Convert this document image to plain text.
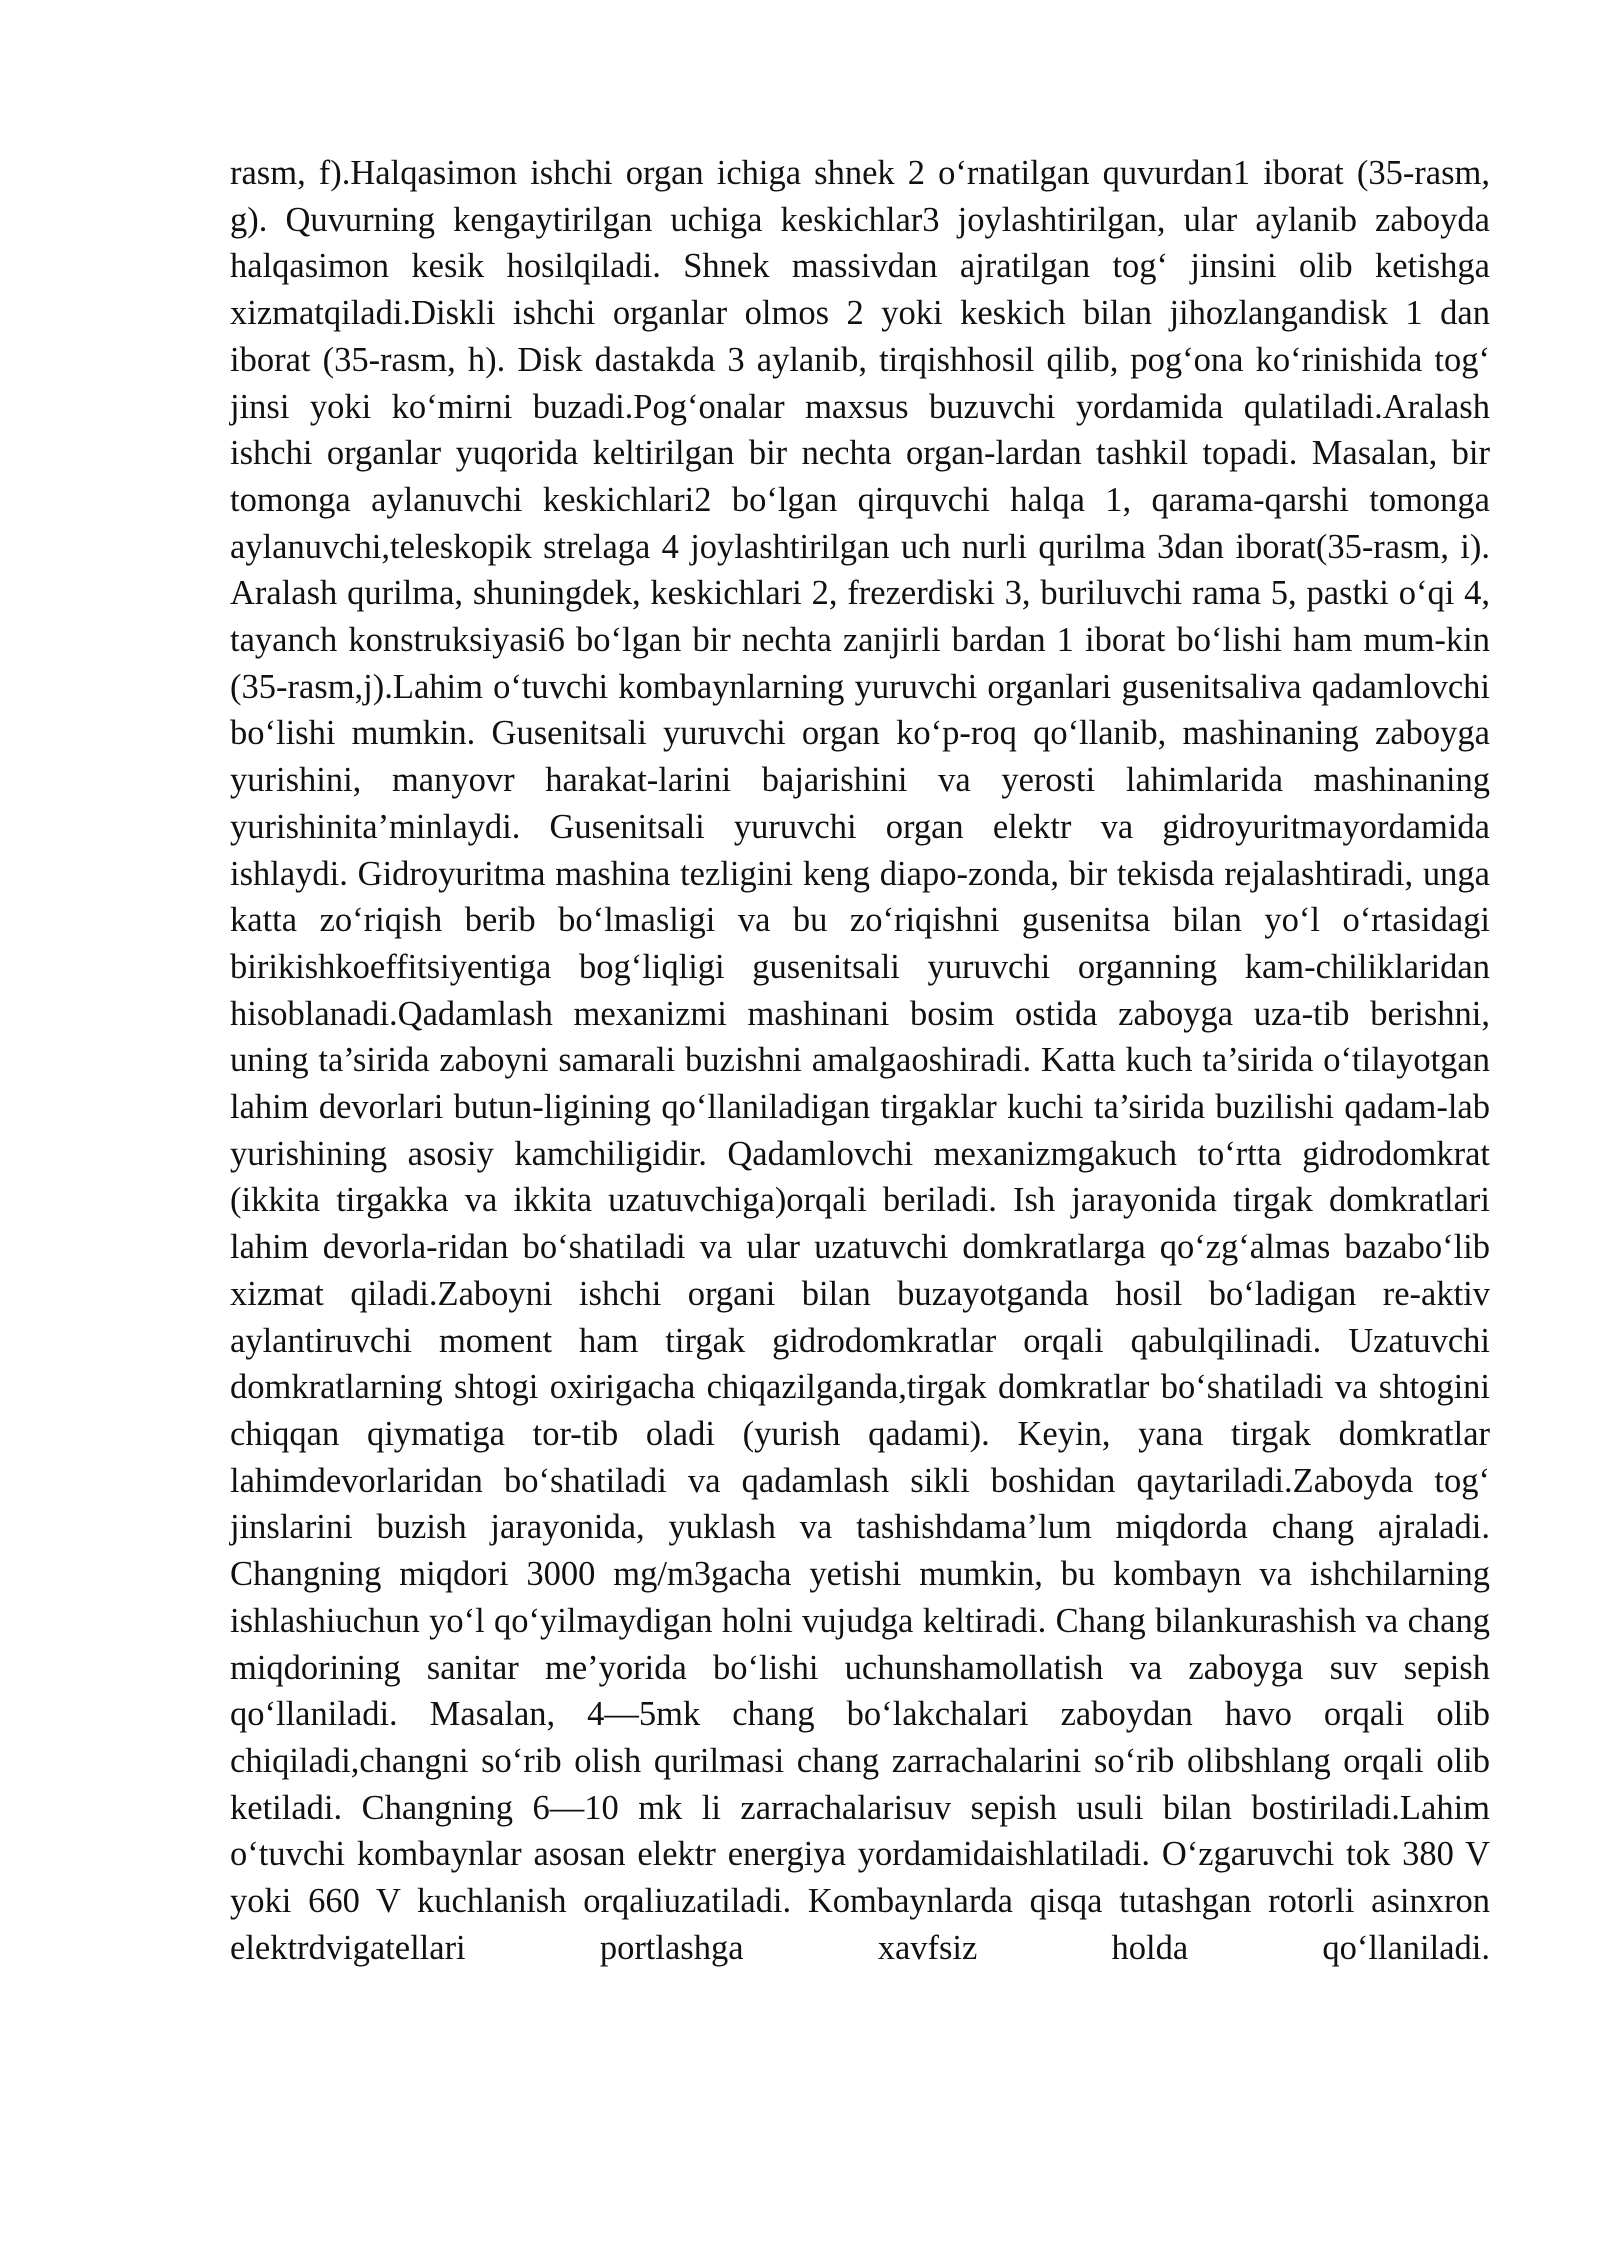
rasm, f).Halqasimon ishchi organ ichiga shnek 2 o‘rnatilgan quvurdan1 iborat (35-rasm, g). Quvurning kengaytirilgan uchiga keskichlar3 joylashtirilgan, ular aylanib zaboyda halqasimon kesik hosilqiladi. Shnek massivdan ajratilgan tog‘ jinsini olib ketishga xizmatqiladi.Diskli ishchi organlar olmos 2 yoki keskich bilan jihozlangandisk 1 dan iborat (35-rasm, h). Disk dastakda 3 aylanib, tirqishhosil qilib, pog‘ona ko‘rinishida tog‘ jinsi yoki ko‘mirni buzadi.Pog‘onalar maxsus buzuvchi yordamida qulatiladi.Aralash ishchi organlar yuqorida keltirilgan bir nechta organ-lardan tashkil topadi. Masalan, bir tomonga aylanuvchi keskichlari2 bo‘lgan qirquvchi halqa 1, qarama-qarshi tomonga aylanuvchi,teleskopik strelaga 4 joylashtirilgan uch nurli qurilma 3dan iborat(35-rasm, i). Aralash qurilma, shuningdek, keskichlari 2, frezerdiski 3, buriluvchi rama 5, pastki o‘qi 4, tayanch konstruksiyasi6 bo‘lgan bir nechta zanjirli bardan 1 iborat bo‘lishi ham mum-kin (35-rasm,j).Lahim o‘tuvchi kombaynlarning yuruvchi organlari gusenitsaliva qadamlovchi bo‘lishi mumkin. Gusenitsali yuruvchi organ ko‘p-roq qo‘llanib, mashinaning zaboyga yurishini, manyovr harakat-larini bajarishini va yerosti lahimlarida mashinaning yurishinita’minlaydi. Gusenitsali yuruvchi organ elektr va gidroyuritmayordamida ishlaydi. Gidroyuritma mashina tezligini keng diapo-zonda, bir tekisda rejalashtiradi, unga katta zo‘riqish berib bo‘lmasligi va bu zo‘riqishni gusenitsa bilan yo‘l o‘rtasidagi birikishkoeffitsiyentiga bog‘liqligi gusenitsali yuruvchi organning kam-chiliklaridan hisoblanadi.Qadamlash mexanizmi mashinani bosim ostida zaboyga uza-tib berishni, uning ta’sirida zaboyni samarali buzishni amalgaoshiradi. Katta kuch ta’sirida o‘tilayotgan lahim devorlari butun-ligining qo‘llaniladigan tirgaklar kuchi ta’sirida buzilishi qadam-lab yurishining asosiy kamchiligidir. Qadamlovchi mexanizmgakuch to‘rtta gidrodomkrat (ikkita tirgakka va ikkita uzatuvchiga)orqali beriladi. Ish jarayonida tirgak domkratlari lahim devorla-ridan bo‘shatiladi va ular uzatuvchi domkratlarga qo‘zg‘almas bazabo‘lib xizmat qiladi.Zaboyni ishchi organi bilan buzayotganda hosil bo‘ladigan re-aktiv aylantiruvchi moment ham tirgak gidrodomkratlar orqali qabulqilinadi. Uzatuvchi domkratlarning shtogi oxirigacha chiqazilganda,tirgak domkratlar bo‘shatiladi va shtogini chiqqan qiymatiga tor-tib oladi (yurish qadami). Keyin, yana tirgak domkratlar lahimdevorlaridan bo‘shatiladi va qadamlash sikli boshidan qaytariladi.Zaboyda tog‘ jinslarini buzish jarayonida, yuklash va tashishdama’lum miqdorda chang ajraladi. Changning miqdori 3000 mg/m3gacha yetishi mumkin, bu kombayn va ishchilarning ishlashiuchun yo‘l qo‘yilmaydigan holni vujudga keltiradi. Chang bilankurashish va chang miqdorining sanitar me’yorida bo‘lishi uchunshamollatish va zaboyga suv sepish qo‘llaniladi. Masalan, 4—5mk chang bo‘lakchalari zaboydan havo orqali olib chiqiladi,changni so‘rib olish qurilmasi chang zarrachalarini so‘rib olibshlang orqali olib ketiladi. Changning 6—10 mk li zarrachalarisuv sepish usuli bilan bostiriladi.Lahim o‘tuvchi kombaynlar asosan elektr energiya yordamidaishlatiladi. O‘zgaruvchi tok 380 V yoki 660 V kuchlanish orqaliuzatiladi. Kombaynlarda qisqa tutashgan rotorli asinxron elektrdvigatellari portlashga xavfsiz holda qo‘llaniladi.
